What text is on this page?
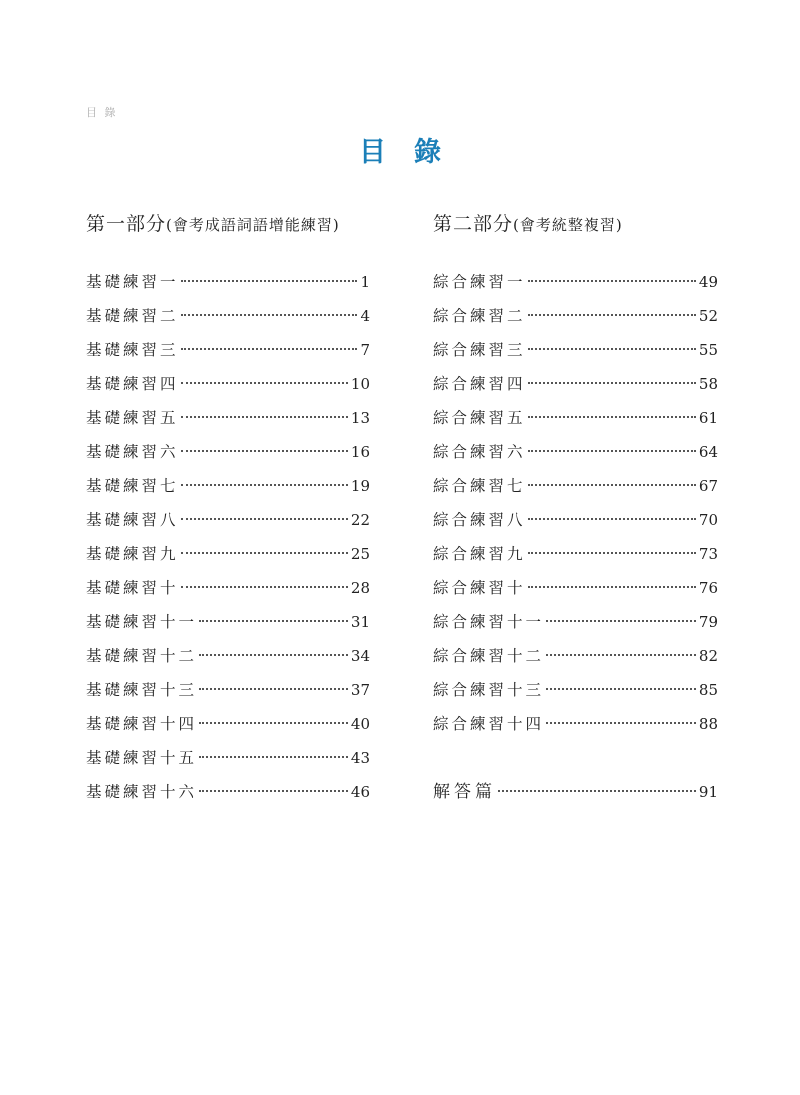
目 錄
目錄
第一部分(會考成語詞語增能練習)
基礎練習一	1
基礎練習二	4
基礎練習三	7
基礎練習四	10
基礎練習五	13
基礎練習六	16
基礎練習七	19
基礎練習八	22
基礎練習九	25
基礎練習十	28
基礎練習十一	31
基礎練習十二	34
基礎練習十三	37
基礎練習十四	40
基礎練習十五	43
基礎練習十六	46
第二部分(會考統整複習)
綜合練習一	49
綜合練習二	52
綜合練習三	55
綜合練習四	58
綜合練習五	61
綜合練習六	64
綜合練習七	67
綜合練習八	70
綜合練習九	73
綜合練習十	76
綜合練習十一	79
綜合練習十二	82
綜合練習十三	85
綜合練習十四	88
解答篇	91
